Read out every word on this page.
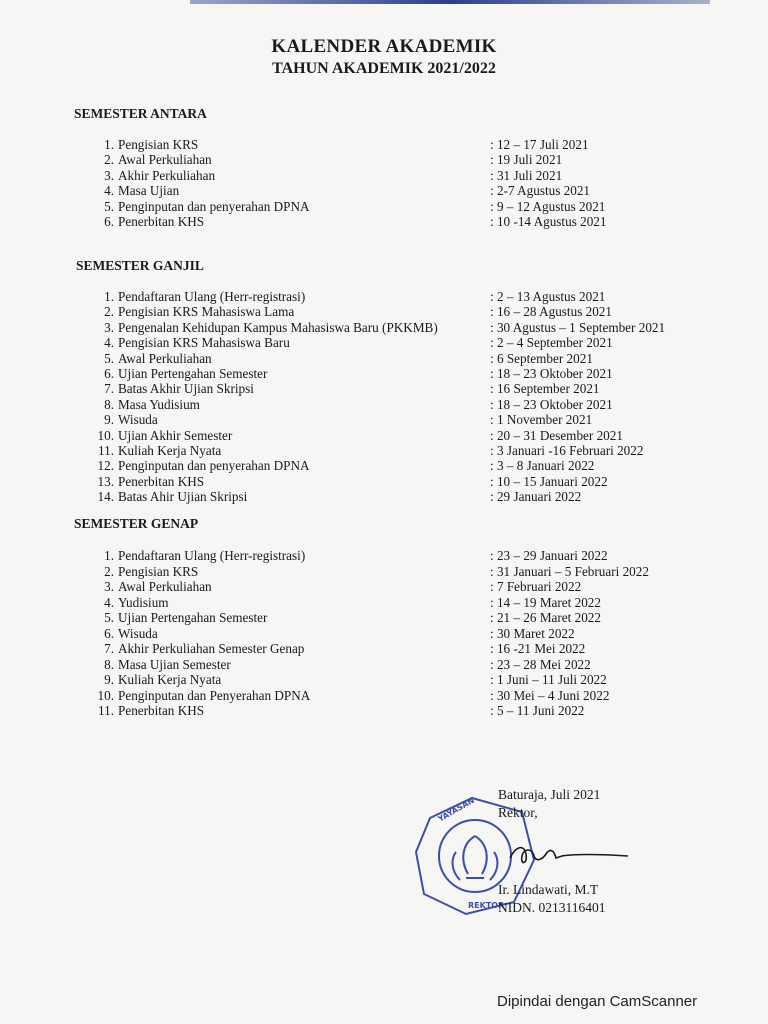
KALENDER AKADEMIK

TAHUN AKADEMIK 2021/2022

SEMESTER ANTARA
1. Pengisian KRS	: 12 – 17 Juli 2021
2. Awal Perkuliahan	: 19 Juli 2021
3. Akhir Perkuliahan	: 31 Juli 2021
4. Masa Ujian	: 2-7 Agustus 2021
5. Penginputan dan penyerahan DPNA	: 9 – 12 Agustus 2021
6. Penerbitan KHS	: 10 -14 Agustus 2021
SEMESTER GANJIL
1. Pendaftaran Ulang (Herr-registrasi)	: 2 – 13 Agustus 2021
2. Pengisian KRS Mahasiswa Lama	: 16 – 28 Agustus 2021
3. Pengenalan Kehidupan Kampus Mahasiswa Baru (PKKMB)	: 30 Agustus – 1 September 2021
4. Pengisian KRS Mahasiswa Baru	: 2 – 4 September 2021
5. Awal Perkuliahan	: 6 September 2021
6. Ujian Pertengahan Semester	: 18 – 23 Oktober 2021
7. Batas Akhir Ujian Skripsi	: 16 September 2021
8. Masa Yudisium	: 18 – 23 Oktober 2021
9. Wisuda	: 1 November 2021
10. Ujian Akhir Semester	: 20 – 31 Desember 2021
11. Kuliah Kerja Nyata	: 3 Januari -16 Februari 2022
12. Penginputan dan penyerahan DPNA	: 3 – 8 Januari 2022
13. Penerbitan KHS	: 10 – 15 Januari 2022
14. Batas Ahir Ujian Skripsi	: 29 Januari 2022
SEMESTER GENAP
1. Pendaftaran Ulang (Herr-registrasi)	: 23 – 29 Januari 2022
2. Pengisian KRS	: 31 Januari – 5 Februari 2022
3. Awal Perkuliahan	: 7 Februari 2022
4. Yudisium	: 14 – 19 Maret 2022
5. Ujian Pertengahan Semester	: 21 – 26 Maret 2022
6. Wisuda	: 30 Maret 2022
7. Akhir Perkuliahan Semester Genap	: 16 -21 Mei 2022
8. Masa Ujian Semester	: 23 – 28 Mei 2022
9. Kuliah Kerja Nyata	: 1 Juni – 11 Juli 2022
10. Penginputan dan Penyerahan DPNA	: 30 Mei – 4 Juni 2022
11. Penerbitan KHS	: 5 – 11 Juni 2022
YAYASAN
REKTOR
Baturaja, Juli 2021
Rektor,
Ir. Lindawati, M.T
NIDN. 0213116401
Dipindai dengan CamScanner
